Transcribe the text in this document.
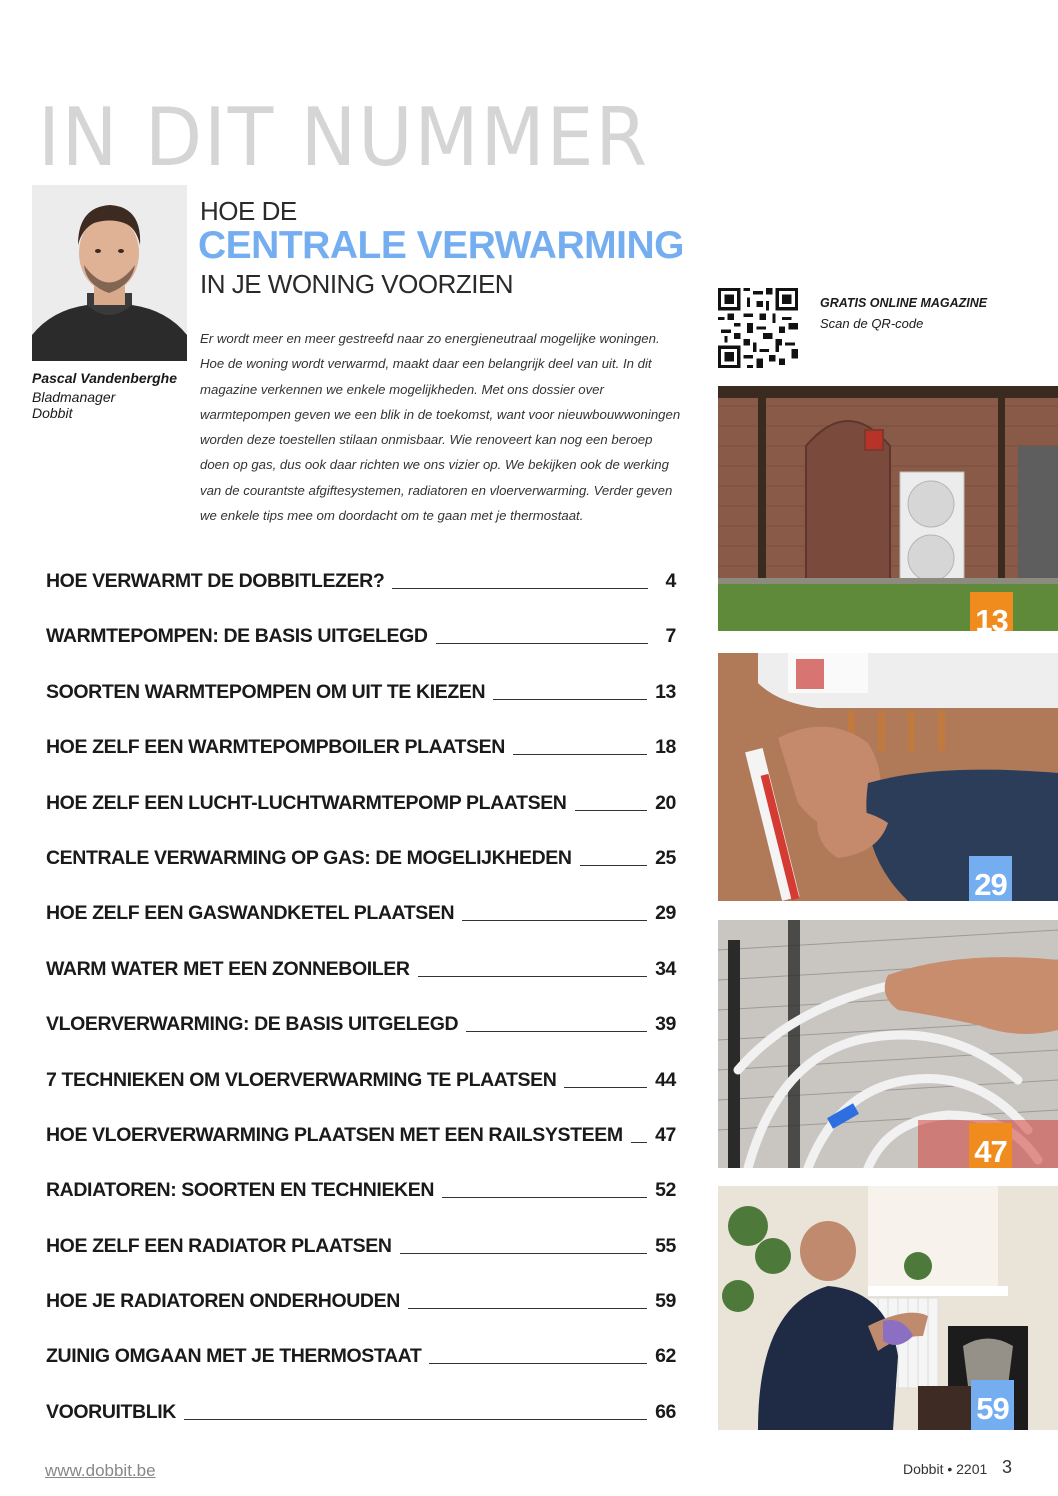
IN DIT NUMMER
Pascal Vandenberghe
Bladmanager
Dobbit
HOE DE
CENTRALE VERWARMING
IN JE WONING VOORZIEN
Er wordt meer en meer gestreefd naar zo energieneutraal mogelijke woningen. Hoe de woning wordt verwarmd, maakt daar een belangrijk deel van uit. In dit magazine verkennen we enkele mogelijkheden. Met ons dossier over warmtepompen geven we een blik in de toekomst, want voor nieuwbouwwoningen worden deze toestellen stilaan onmisbaar. Wie renoveert kan nog een beroep doen op gas, dus ook daar richten we ons vizier op. We bekijken ook de werking van de courantste afgiftesystemen, radiatoren en vloerverwarming. Verder geven we enkele tips mee om doordacht om te gaan met je thermostaat.
GRATIS ONLINE MAGAZINE
Scan de QR-code
HOE VERWARMT DE DOBBITLEZER?	4
WARMTEPOMPEN: DE BASIS UITGELEGD	7
SOORTEN WARMTEPOMPEN OM UIT TE KIEZEN	13
HOE ZELF EEN WARMTEPOMPBOILER PLAATSEN	18
HOE ZELF EEN LUCHT-LUCHTWARMTEPOMP PLAATSEN	20
CENTRALE VERWARMING OP GAS: DE MOGELIJKHEDEN	25
HOE ZELF EEN GASWANDKETEL PLAATSEN	29
WARM WATER MET EEN ZONNEBOILER	34
VLOERVERWARMING: DE BASIS UITGELEGD	39
7 TECHNIEKEN OM VLOERVERWARMING TE PLAATSEN	44
HOE VLOERVERWARMING PLAATSEN MET EEN RAILSYSTEEM 47
RADIATOREN: SOORTEN EN TECHNIEKEN	52
HOE ZELF EEN RADIATOR PLAATSEN	55
HOE JE RADIATOREN ONDERHOUDEN	59
ZUINIG OMGAAN MET JE THERMOSTAAT	62
VOORUITBLIK	66
13
29
47
59
www.dobbit.be	Dobbit • 2201 3
